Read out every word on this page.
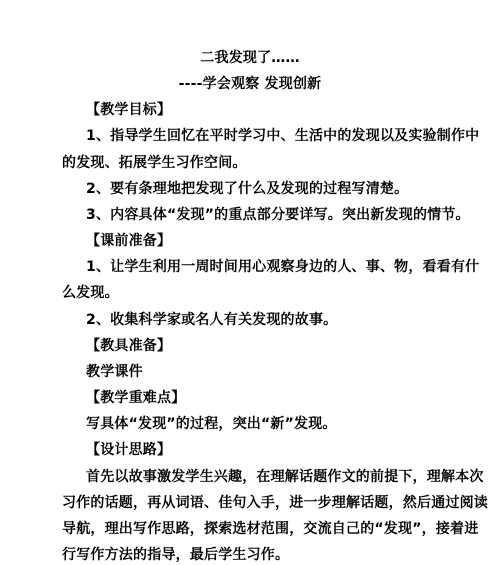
二我发现了……
----学会观察 发现创新
【教学目标】
1、指导学生回忆在平时学习中、生活中的发现以及实验制作中
的发现、拓展学生习作空间。
2、要有条理地把发现了什么及发现的过程写清楚。
3、内容具体“发现”的重点部分要详写。突出新发现的情节。
【课前准备】
1、让学生利用一周时间用心观察身边的人、事、物，看看有什
么发现。
2、收集科学家或名人有关发现的故事。
【教具准备】
教学课件
【教学重难点】
写具体“发现”的过程，突出“新”发现。
【设计思路】
首先以故事激发学生兴趣，在理解话题作文的前提下，理解本次
习作的话题，再从词语、佳句入手，进一步理解话题，然后通过阅读
导航，理出写作思路，探索选材范围，交流自己的“发现”，接着进
行写作方法的指导，最后学生习作。
